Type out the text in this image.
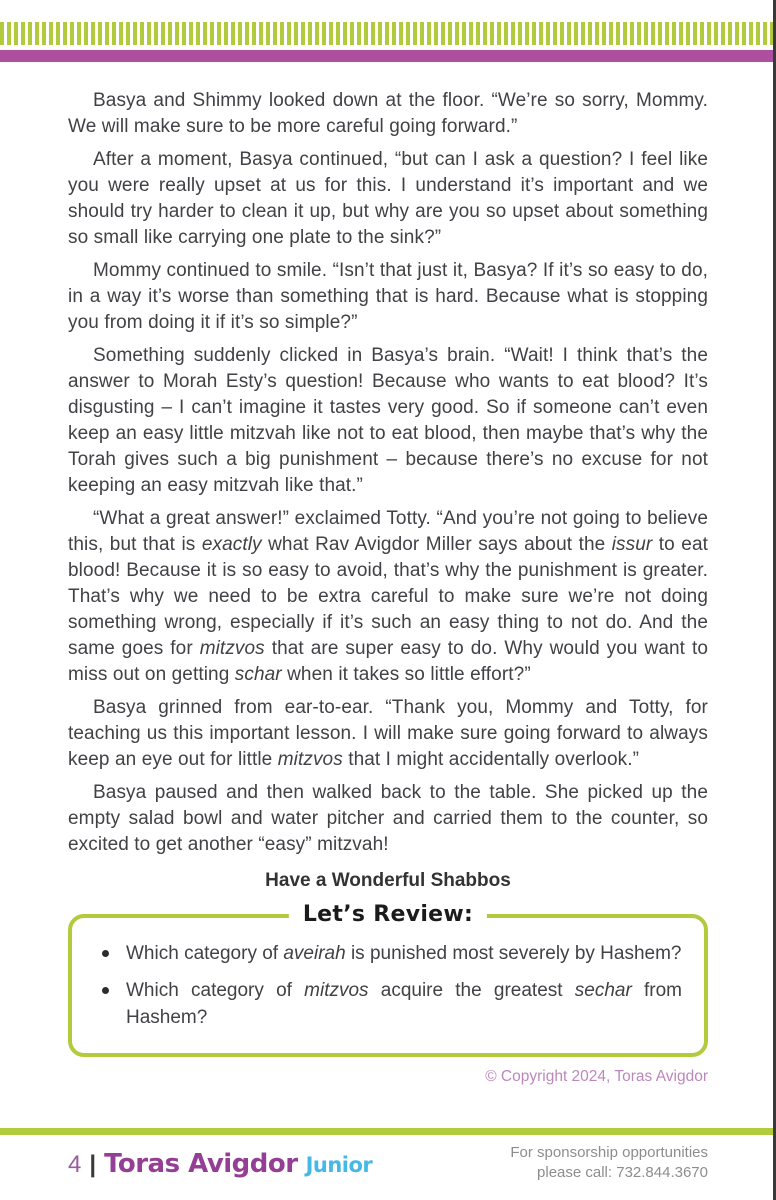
Basya and Shimmy looked down at the floor. “We’re so sorry, Mommy. We will make sure to be more careful going forward.”

After a moment, Basya continued, “but can I ask a question? I feel like you were really upset at us for this. I understand it’s important and we should try harder to clean it up, but why are you so upset about something so small like carrying one plate to the sink?”

Mommy continued to smile. “Isn’t that just it, Basya? If it’s so easy to do, in a way it’s worse than something that is hard. Because what is stopping you from doing it if it’s so simple?”

Something suddenly clicked in Basya’s brain. “Wait! I think that’s the answer to Morah Esty’s question! Because who wants to eat blood? It’s disgusting – I can’t imagine it tastes very good. So if someone can’t even keep an easy little mitzvah like not to eat blood, then maybe that’s why the Torah gives such a big punishment – because there’s no excuse for not keeping an easy mitzvah like that.”

“What a great answer!” exclaimed Totty. “And you’re not going to believe this, but that is exactly what Rav Avigdor Miller says about the issur to eat blood! Because it is so easy to avoid, that’s why the punishment is greater. That’s why we need to be extra careful to make sure we’re not doing something wrong, especially if it’s such an easy thing to not do. And the same goes for mitzvos that are super easy to do. Why would you want to miss out on getting schar when it takes so little effort?”

Basya grinned from ear-to-ear. “Thank you, Mommy and Totty, for teaching us this important lesson. I will make sure going forward to always keep an eye out for little mitzvos that I might accidentally overlook.”

Basya paused and then walked back to the table. She picked up the empty salad bowl and water pitcher and carried them to the counter, so excited to get another “easy” mitzvah!

Have a Wonderful Shabbos

Let’s Review:
Which category of aveirah is punished most severely by Hashem?
Which category of mitzvos acquire the greatest sechar from Hashem?
© Copyright 2024, Toras Avigdor
4 | Toras Avigdor Junior
For sponsorship opportunities
please call: 732.844.3670
